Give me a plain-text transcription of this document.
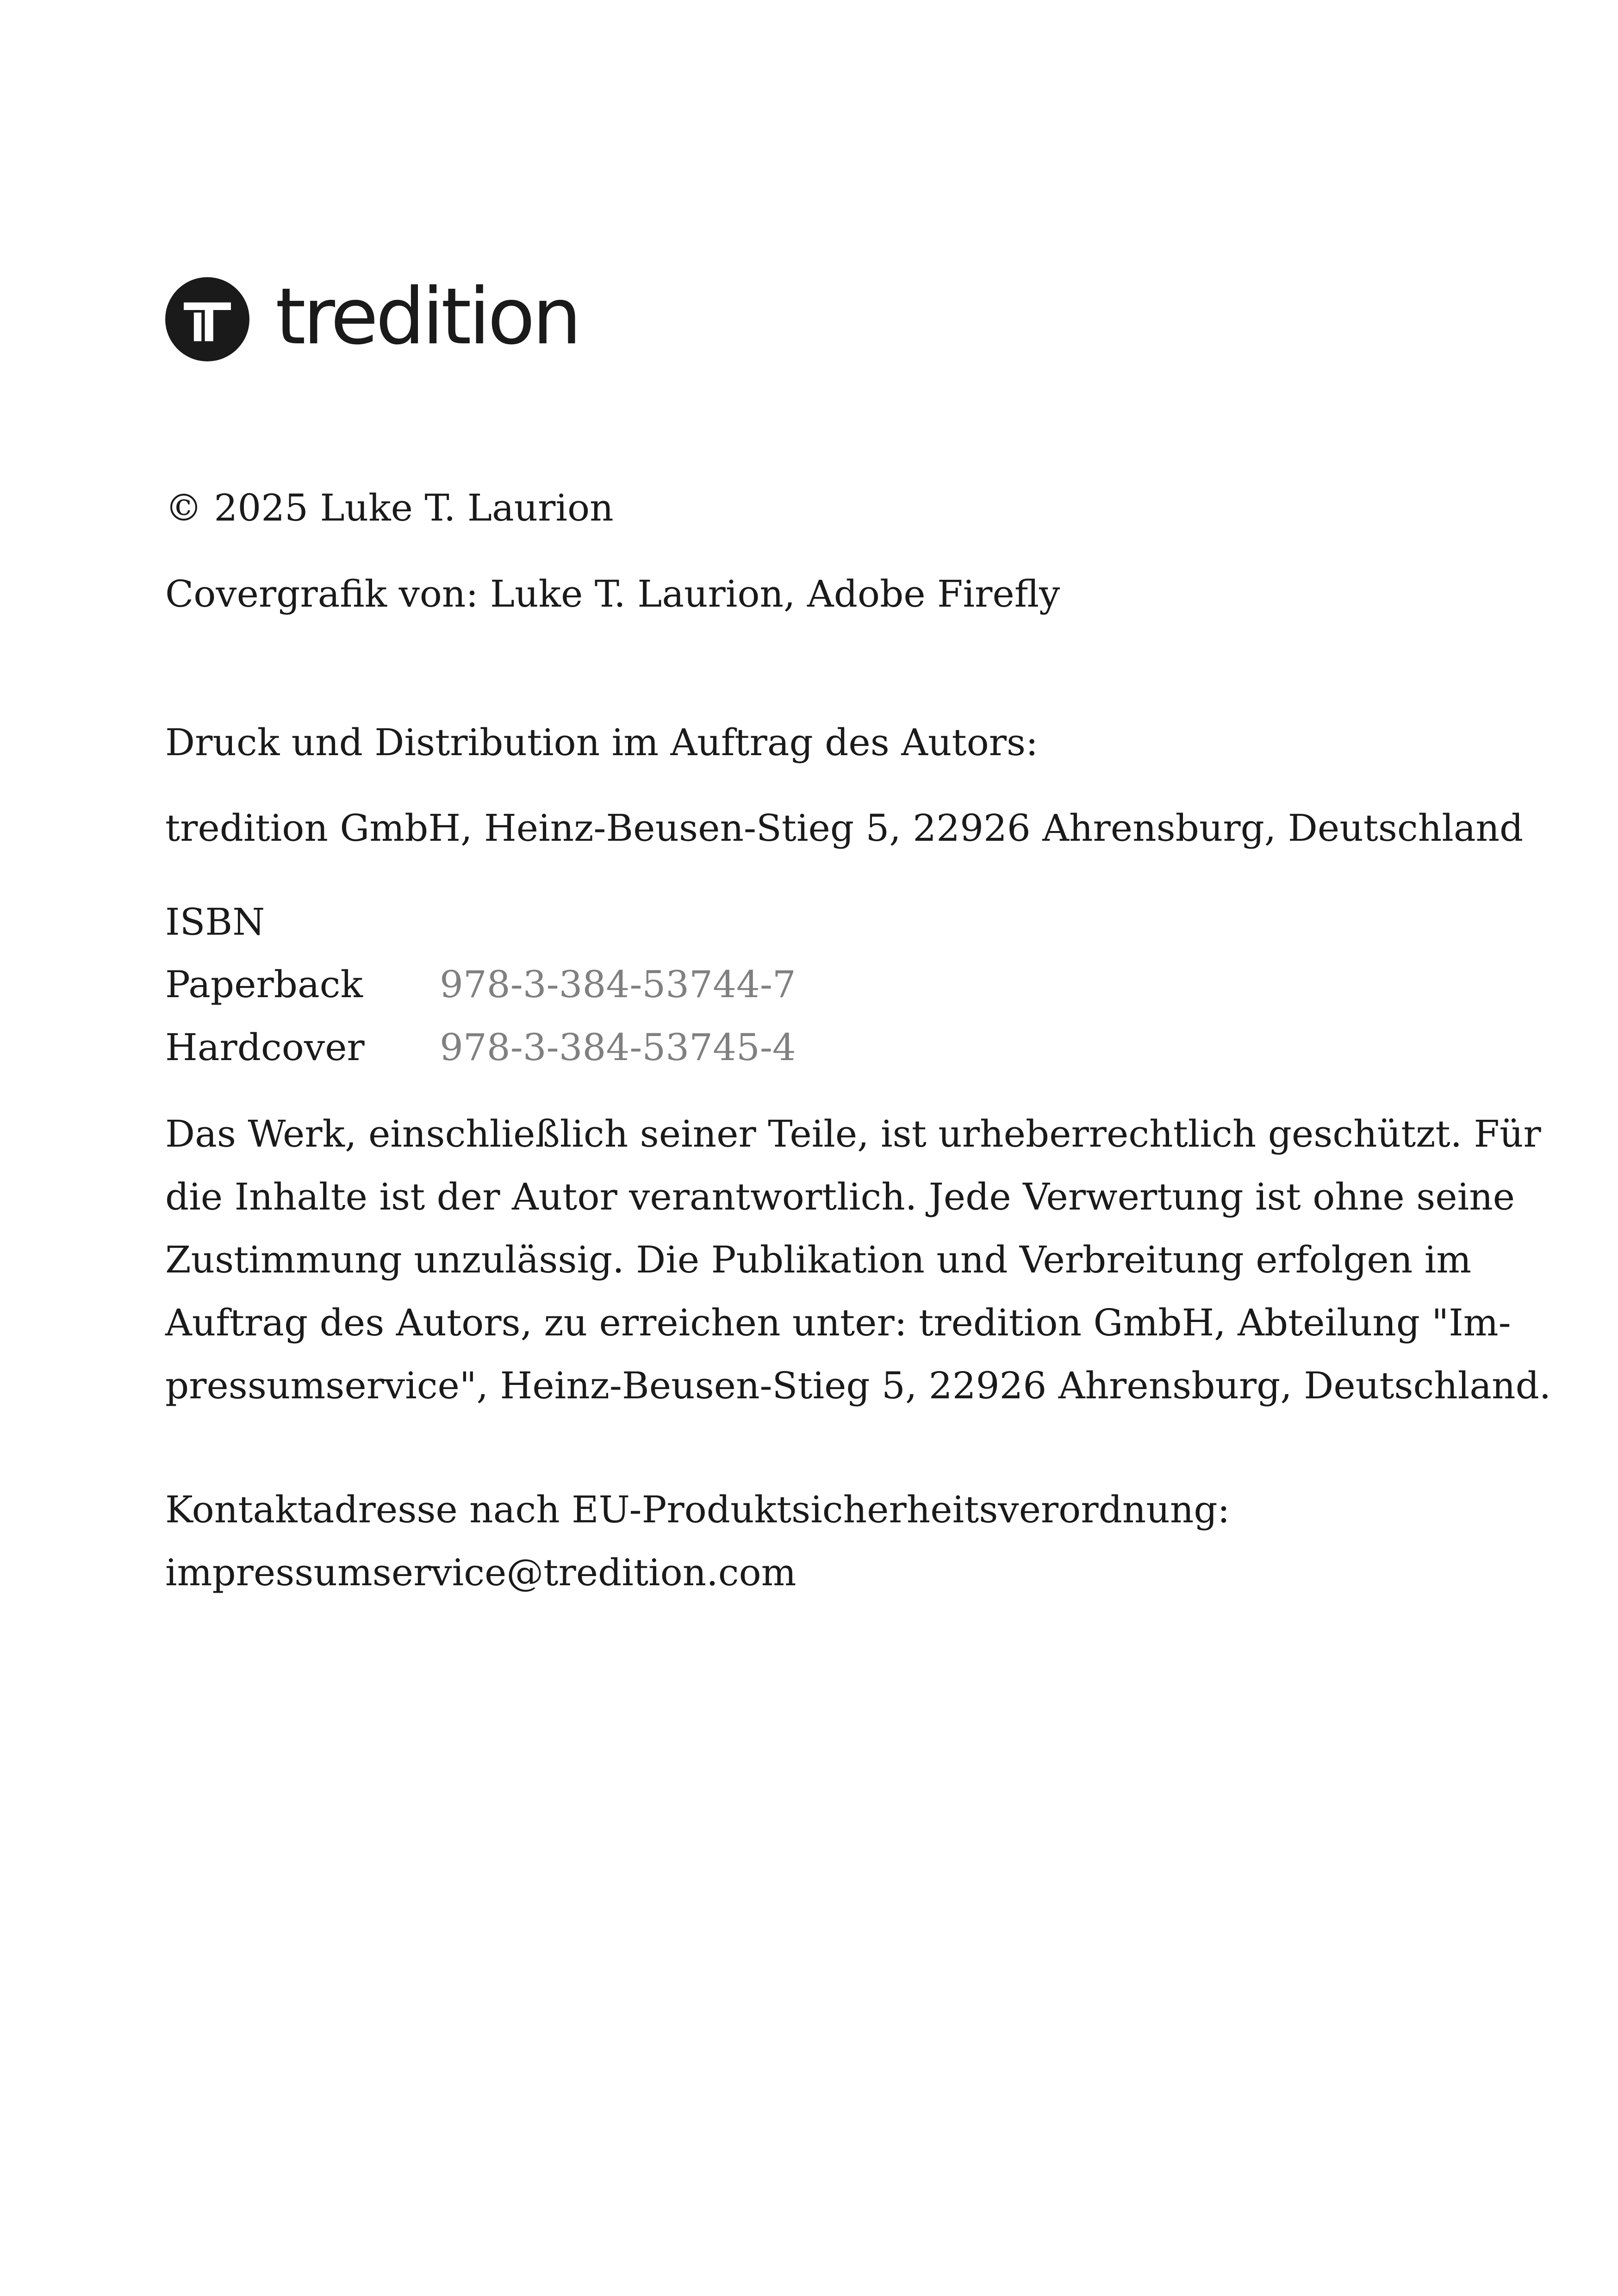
tredition
© 2025 Luke T. Laurion
Covergrafik von: Luke T. Laurion, Adobe Firefly
Druck und Distribution im Auftrag des Autors:
tredition GmbH, Heinz-Beusen-Stieg 5, 22926 Ahrensburg, Deutschland
ISBN
Paperback	978-3-384-53744-7
Hardcover	978-3-384-53745-4
Das Werk, einschließlich seiner Teile, ist urheberrechtlich geschützt. Für
die Inhalte ist der Autor verantwortlich. Jede Verwertung ist ohne seine
Zustimmung unzulässig. Die Publikation und Verbreitung erfolgen im
Auftrag des Autors, zu erreichen unter: tredition GmbH, Abteilung "Im-
pressumservice", Heinz-Beusen-Stieg 5, 22926 Ahrensburg, Deutschland.
Kontaktadresse nach EU-Produktsicherheitsverordnung:
impressumservice@tredition.com
